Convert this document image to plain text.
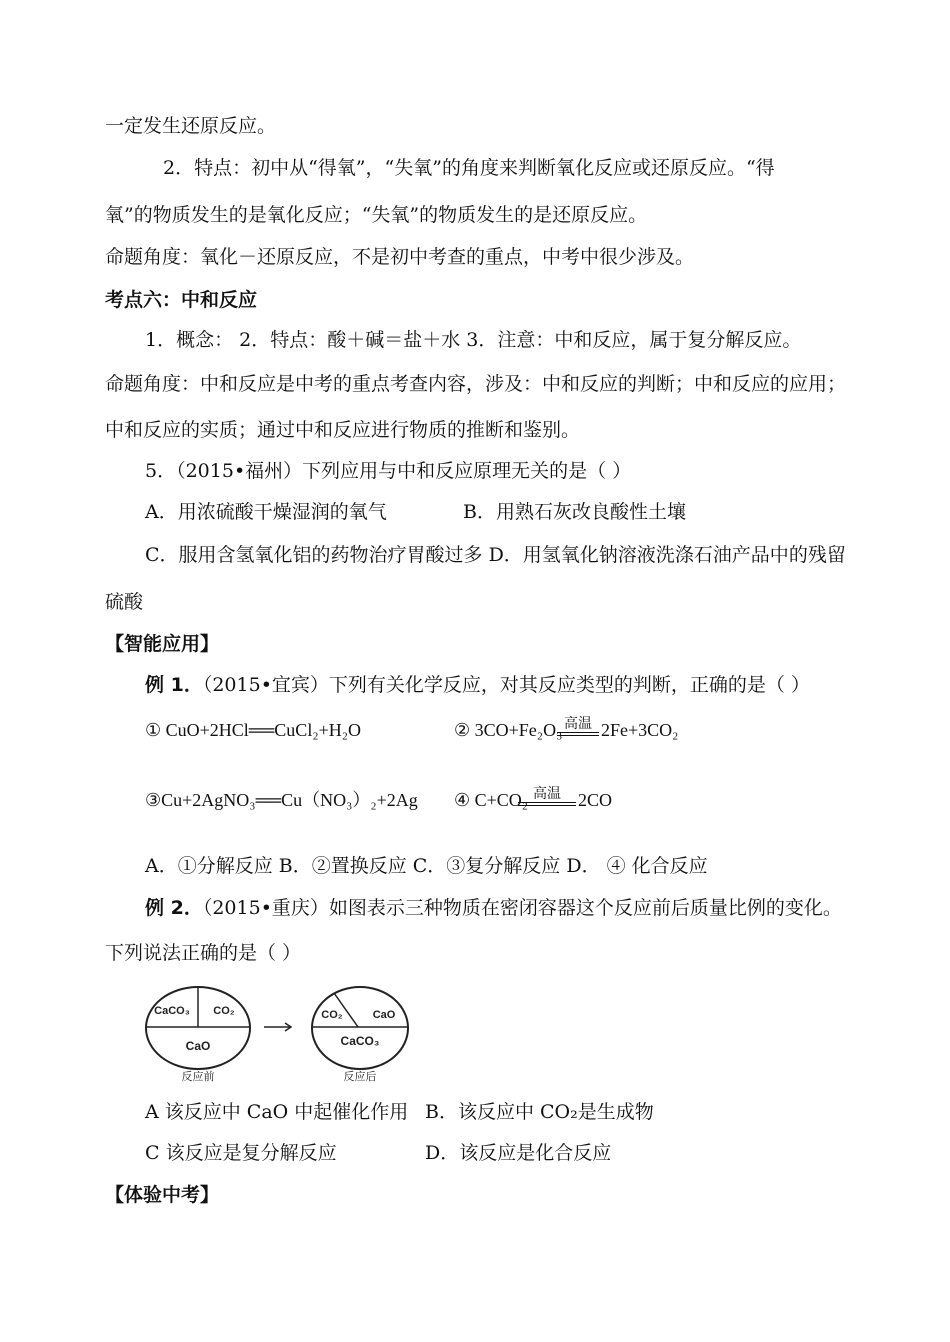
一定发生还原反应。
2．特点：初中从“得氧”，“失氧”的角度来判断氧化反应或还原反应。“得
氧”的物质发生的是氧化反应；“失氧”的物质发生的是还原反应。
命题角度：氧化－还原反应，不是初中考查的重点，中考中很少涉及。
考点六：中和反应
1．概念： 2．特点：酸＋碱＝盐＋水 3．注意：中和反应，属于复分解反应。
命题角度：中和反应是中考的重点考查内容，涉及：中和反应的判断；中和反应的应用；
中和反应的实质；通过中和反应进行物质的推断和鉴别。
5．（2015•福州）下列应用与中和反应原理无关的是（ ）
A．用浓硫酸干燥湿润的氧气	B．用熟石灰改良酸性土壤
C．服用含氢氧化铝的药物治疗胃酸过多 D．用氢氧化钠溶液洗涤石油产品中的残留
硫酸
【智能应用】
例 1．（2015•宜宾）下列有关化学反应，对其反应类型的判断，正确的是（ ）
① CuO+2HCl══CuCl₂+H₂O	② 3CO+Fe₂O₃ 高温 2Fe+3CO₂
③Cu+2AgNO₃══Cu（NO₃）₂+2Ag ④ C+CO₂ 高温 2CO
A．①分解反应 B．②置换反应 C．③复分解反应 D． ④ 化合反应
例 2．（2015•重庆）如图表示三种物质在密闭容器这个反应前后质量比例的变化。
下列说法正确的是（ ）
CaCO₃ CO₂
CaO
反应前
CO₂	CaO
CaCO₃
反应后
A 该反应中 CaO 中起催化作用 B．该反应中 CO₂是生成物
C 该反应是复分解反应	D．该反应是化合反应
【体验中考】
